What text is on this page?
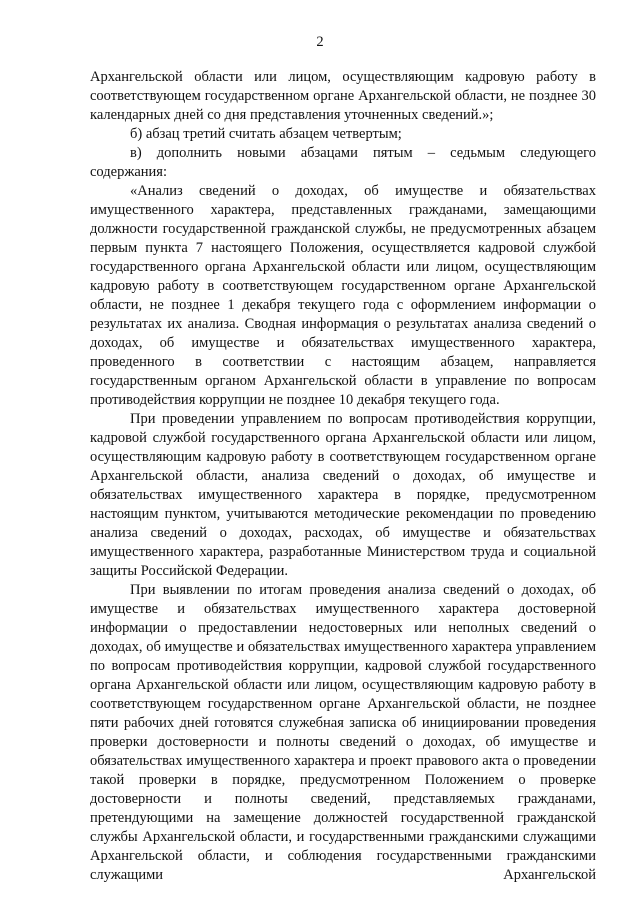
2

Архангельской области или лицом, осуществляющим кадровую работу в соответствующем государственном органе Архангельской области, не позднее 30 календарных дней со дня представления уточненных сведений.»;

б) абзац третий считать абзацем четвертым;

в) дополнить новыми абзацами пятым – седьмым следующего содержания:

«Анализ сведений о доходах, об имуществе и обязательствах имущественного характера, представленных гражданами, замещающими должности государственной гражданской службы, не предусмотренных абзацем первым пункта 7 настоящего Положения, осуществляется кадровой службой государственного органа Архангельской области или лицом, осуществляющим кадровую работу в соответствующем государственном органе Архангельской области, не позднее 1 декабря текущего года с оформлением информации о результатах их анализа. Сводная информация о результатах анализа сведений о доходах, об имуществе и обязательствах имущественного характера, проведенного в соответствии с настоящим абзацем, направляется государственным органом Архангельской области в управление по вопросам противодействия коррупции не позднее 10 декабря текущего года.

При проведении управлением по вопросам противодействия коррупции, кадровой службой государственного органа Архангельской области или лицом, осуществляющим кадровую работу в соответствующем государственном органе Архангельской области, анализа сведений о доходах, об имуществе и обязательствах имущественного характера в порядке, предусмотренном настоящим пунктом, учитываются методические рекомендации по проведению анализа сведений о доходах, расходах, об имуществе и обязательствах имущественного характера, разработанные Министерством труда и социальной защиты Российской Федерации.

При выявлении по итогам проведения анализа сведений о доходах, об имуществе и обязательствах имущественного характера достоверной информации о предоставлении недостоверных или неполных сведений о доходах, об имуществе и обязательствах имущественного характера управлением по вопросам противодействия коррупции, кадровой службой государственного органа Архангельской области или лицом, осуществляющим кадровую работу в соответствующем государственном органе Архангельской области, не позднее пяти рабочих дней готовятся служебная записка об инициировании проведения проверки достоверности и полноты сведений о доходах, об имуществе и обязательствах имущественного характера и проект правового акта о проведении такой проверки в порядке, предусмотренном Положением о проверке достоверности и полноты сведений, представляемых гражданами, претендующими на замещение должностей государственной гражданской службы Архангельской области, и государственными гражданскими служащими Архангельской области, и соблюдения государственными гражданскими служащими Архангельской
